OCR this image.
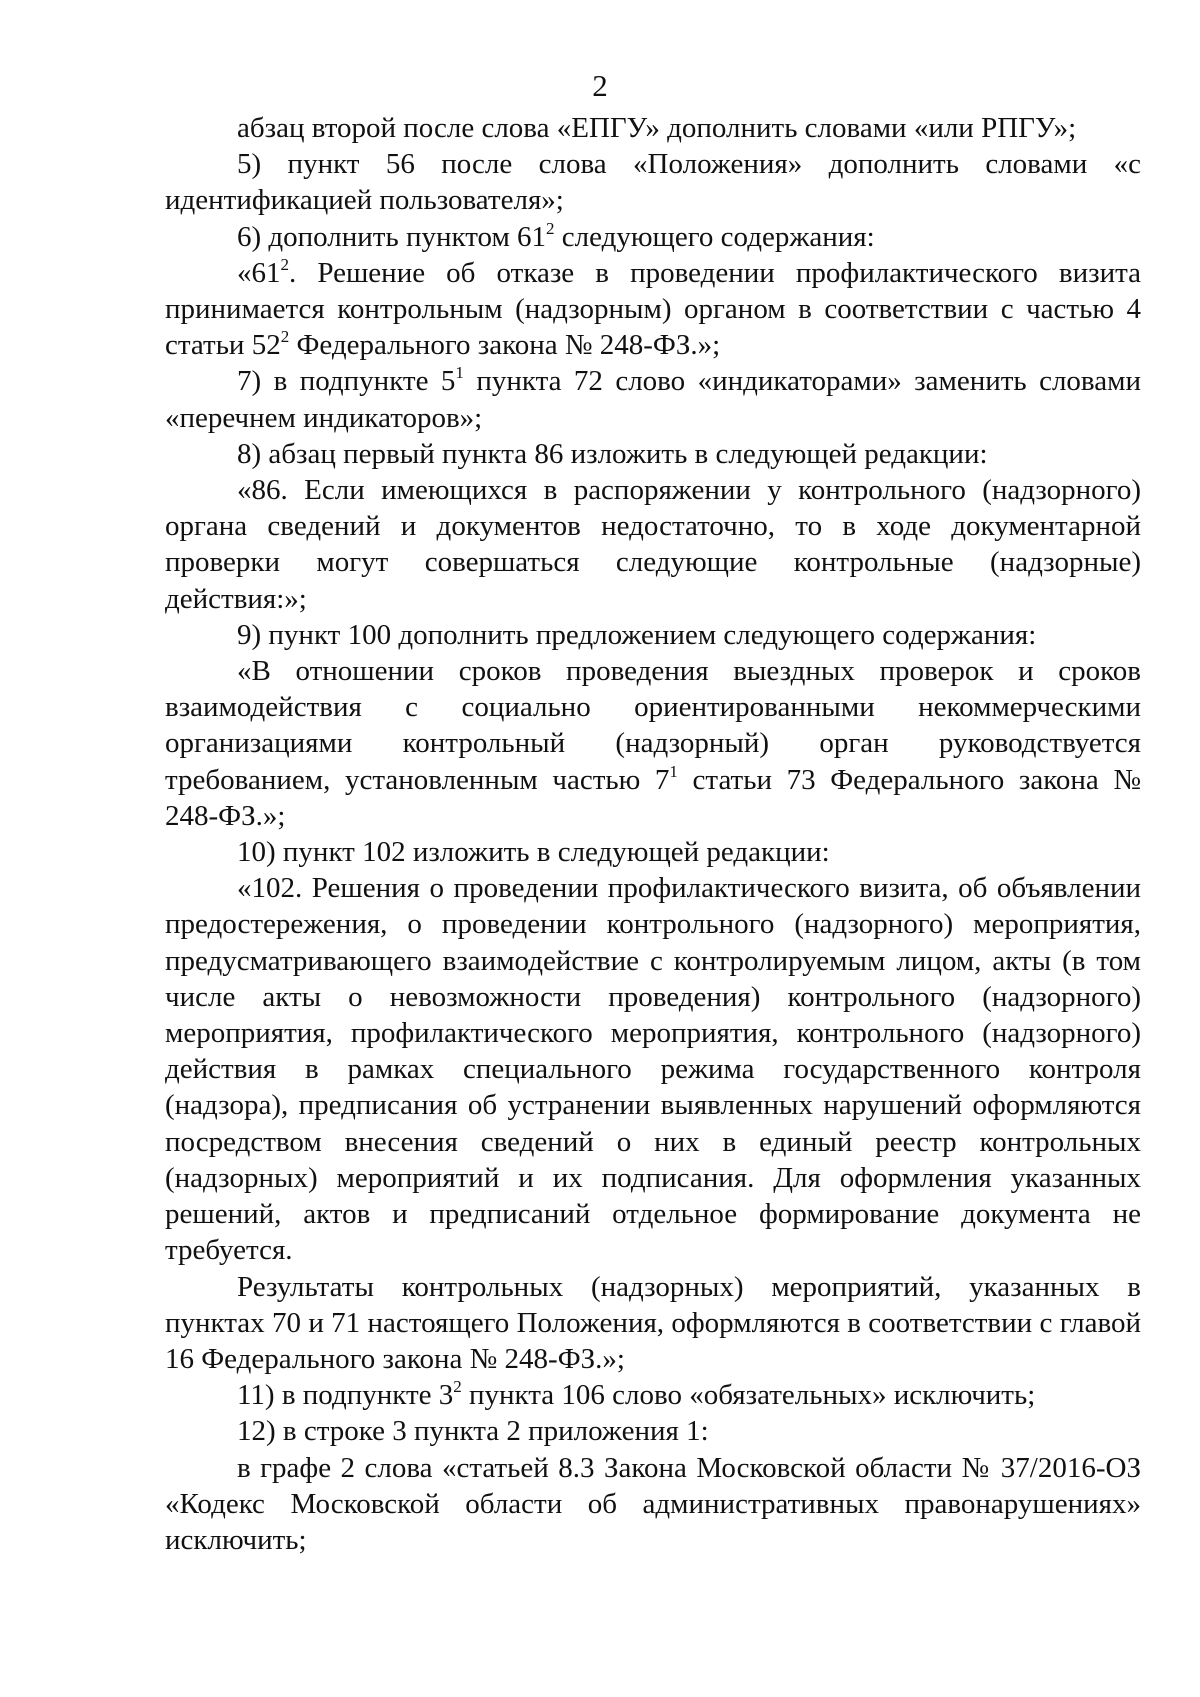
2

абзац второй после слова «ЕПГУ» дополнить словами «или РПГУ»;

5) пункт 56 после слова «Положения» дополнить словами «с идентификацией пользователя»;

6) дополнить пунктом $61^2$ следующего содержания:

«$61^2$. Решение об отказе в проведении профилактического визита принимается контрольным (надзорным) органом в соответствии с частью 4 статьи $52^2$ Федерального закона № 248-ФЗ.»;

7) в подпункте $5^1$ пункта 72 слово «индикаторами» заменить словами «перечнем индикаторов»;

8) абзац первый пункта 86 изложить в следующей редакции:

«86. Если имеющихся в распоряжении у контрольного (надзорного) органа сведений и документов недостаточно, то в ходе документарной проверки могут совершаться следующие контрольные (надзорные) действия:»;

9) пункт 100 дополнить предложением следующего содержания:

«В отношении сроков проведения выездных проверок и сроков взаимодействия с социально ориентированными некоммерческими организациями контрольный (надзорный) орган руководствуется требованием, установленным частью $7^1$ статьи 73 Федерального закона № 248-ФЗ.»;

10) пункт 102 изложить в следующей редакции:

«102. Решения о проведении профилактического визита, об объявлении предостережения, о проведении контрольного (надзорного) мероприятия, предусматривающего взаимодействие с контролируемым лицом, акты (в том числе акты о невозможности проведения) контрольного (надзорного) мероприятия, профилактического мероприятия, контрольного (надзорного) действия в рамках специального режима государственного контроля (надзора), предписания об устранении выявленных нарушений оформляются посредством внесения сведений о них в единый реестр контрольных (надзорных) мероприятий и их подписания. Для оформления указанных решений, актов и предписаний отдельное формирование документа не требуется.

Результаты контрольных (надзорных) мероприятий, указанных в пунктах 70 и 71 настоящего Положения, оформляются в соответствии с главой 16 Федерального закона № 248-ФЗ.»;

11) в подпункте $3^2$ пункта 106 слово «обязательных» исключить;

12) в строке 3 пункта 2 приложения 1:

в графе 2 слова «статьей 8.3 Закона Московской области № 37/2016-ОЗ «Кодекс Московской области об административных правонарушениях» исключить;
